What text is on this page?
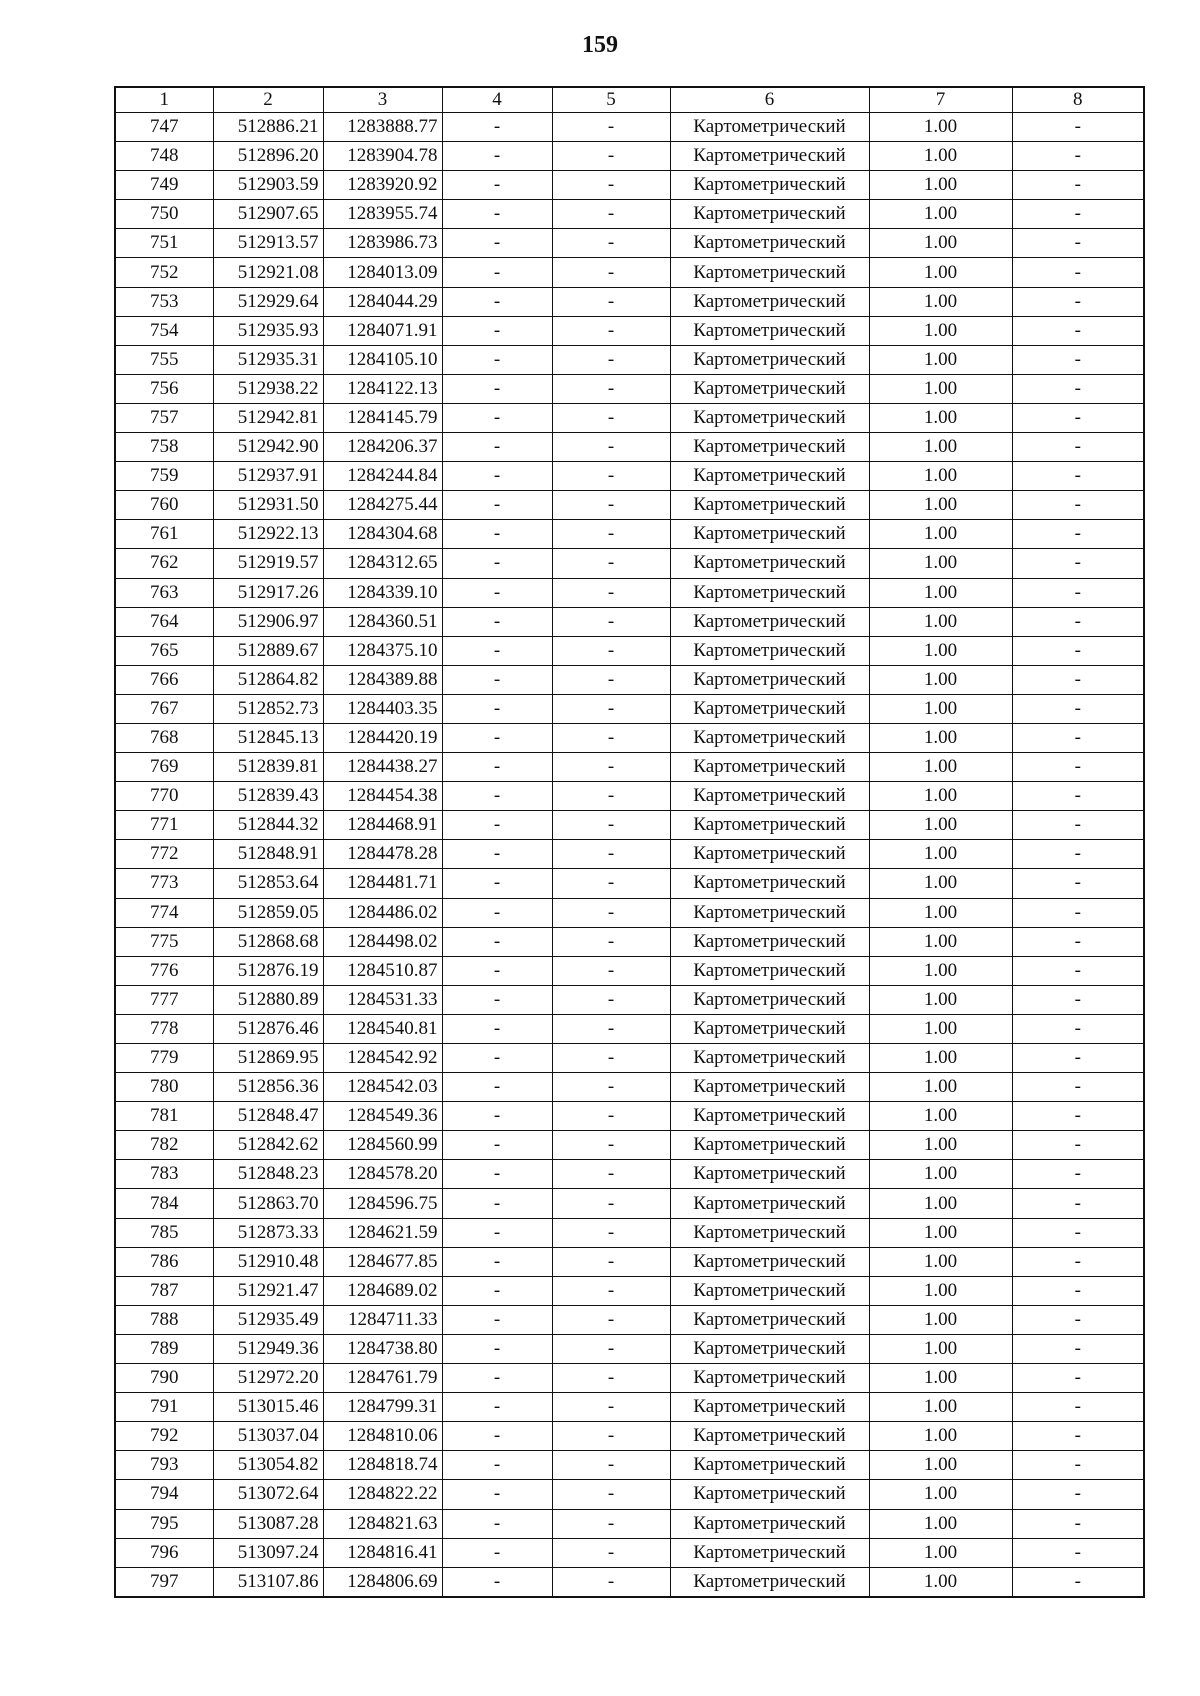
159
1	2	3	4	5	6	7	8
747	512886.21	1283888.77	-	-	Картометрический	1.00	-
748	512896.20	1283904.78	-	-	Картометрический	1.00	-
749	512903.59	1283920.92	-	-	Картометрический	1.00	-
750	512907.65	1283955.74	-	-	Картометрический	1.00	-
751	512913.57	1283986.73	-	-	Картометрический	1.00	-
752	512921.08	1284013.09	-	-	Картометрический	1.00	-
753	512929.64	1284044.29	-	-	Картометрический	1.00	-
754	512935.93	1284071.91	-	-	Картометрический	1.00	-
755	512935.31	1284105.10	-	-	Картометрический	1.00	-
756	512938.22	1284122.13	-	-	Картометрический	1.00	-
757	512942.81	1284145.79	-	-	Картометрический	1.00	-
758	512942.90	1284206.37	-	-	Картометрический	1.00	-
759	512937.91	1284244.84	-	-	Картометрический	1.00	-
760	512931.50	1284275.44	-	-	Картометрический	1.00	-
761	512922.13	1284304.68	-	-	Картометрический	1.00	-
762	512919.57	1284312.65	-	-	Картометрический	1.00	-
763	512917.26	1284339.10	-	-	Картометрический	1.00	-
764	512906.97	1284360.51	-	-	Картометрический	1.00	-
765	512889.67	1284375.10	-	-	Картометрический	1.00	-
766	512864.82	1284389.88	-	-	Картометрический	1.00	-
767	512852.73	1284403.35	-	-	Картометрический	1.00	-
768	512845.13	1284420.19	-	-	Картометрический	1.00	-
769	512839.81	1284438.27	-	-	Картометрический	1.00	-
770	512839.43	1284454.38	-	-	Картометрический	1.00	-
771	512844.32	1284468.91	-	-	Картометрический	1.00	-
772	512848.91	1284478.28	-	-	Картометрический	1.00	-
773	512853.64	1284481.71	-	-	Картометрический	1.00	-
774	512859.05	1284486.02	-	-	Картометрический	1.00	-
775	512868.68	1284498.02	-	-	Картометрический	1.00	-
776	512876.19	1284510.87	-	-	Картометрический	1.00	-
777	512880.89	1284531.33	-	-	Картометрический	1.00	-
778	512876.46	1284540.81	-	-	Картометрический	1.00	-
779	512869.95	1284542.92	-	-	Картометрический	1.00	-
780	512856.36	1284542.03	-	-	Картометрический	1.00	-
781	512848.47	1284549.36	-	-	Картометрический	1.00	-
782	512842.62	1284560.99	-	-	Картометрический	1.00	-
783	512848.23	1284578.20	-	-	Картометрический	1.00	-
784	512863.70	1284596.75	-	-	Картометрический	1.00	-
785	512873.33	1284621.59	-	-	Картометрический	1.00	-
786	512910.48	1284677.85	-	-	Картометрический	1.00	-
787	512921.47	1284689.02	-	-	Картометрический	1.00	-
788	512935.49	1284711.33	-	-	Картометрический	1.00	-
789	512949.36	1284738.80	-	-	Картометрический	1.00	-
790	512972.20	1284761.79	-	-	Картометрический	1.00	-
791	513015.46	1284799.31	-	-	Картометрический	1.00	-
792	513037.04	1284810.06	-	-	Картометрический	1.00	-
793	513054.82	1284818.74	-	-	Картометрический	1.00	-
794	513072.64	1284822.22	-	-	Картометрический	1.00	-
795	513087.28	1284821.63	-	-	Картометрический	1.00	-
796	513097.24	1284816.41	-	-	Картометрический	1.00	-
797	513107.86	1284806.69	-	-	Картометрический	1.00	-
